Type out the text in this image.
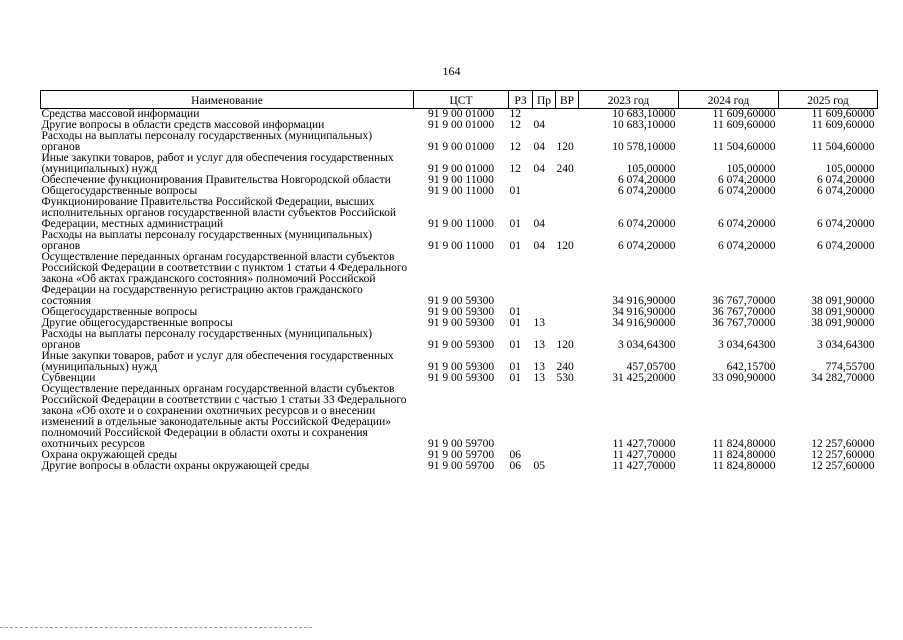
164
Наименование	ЦСТ	РЗ	Пр	ВР	2023 год	2024 год	2025 год
Средства массовой информации	91 9 00 01000	12			10 683,10000	11 609,60000	11 609,60000
Другие вопросы в области средств массовой информации	91 9 00 01000	12	04		10 683,10000	11 609,60000	11 609,60000
Расходы на выплаты персоналу государственных (муниципальных) органов	91 9 00 01000	12	04	120	10 578,10000	11 504,60000	11 504,60000
Иные закупки товаров, работ и услуг для обеспечения государственных (муниципальных) нужд	91 9 00 01000	12	04	240	105,00000	105,00000	105,00000
Обеспечение функционирования Правительства Новгородской области	91 9 00 11000				6 074,20000	6 074,20000	6 074,20000
Общегосударственные вопросы	91 9 00 11000	01			6 074,20000	6 074,20000	6 074,20000
Функционирование Правительства Российской Федерации, высших исполнительных органов государственной власти субъектов Российской Федерации, местных администраций	91 9 00 11000	01	04		6 074,20000	6 074,20000	6 074,20000
Расходы на выплаты персоналу государственных (муниципальных) органов	91 9 00 11000	01	04	120	6 074,20000	6 074,20000	6 074,20000
Осуществление переданных органам государственной власти субъектов Российской Федерации в соответствии с пунктом 1 статьи 4 Федерального закона «Об актах гражданского состояния» полномочий Российской Федерации на государственную регистрацию актов гражданского состояния	91 9 00 59300				34 916,90000	36 767,70000	38 091,90000
Общегосударственные вопросы	91 9 00 59300	01			34 916,90000	36 767,70000	38 091,90000
Другие общегосударственные вопросы	91 9 00 59300	01	13		34 916,90000	36 767,70000	38 091,90000
Расходы на выплаты персоналу государственных (муниципальных) органов	91 9 00 59300	01	13	120	3 034,64300	3 034,64300	3 034,64300
Иные закупки товаров, работ и услуг для обеспечения государственных (муниципальных) нужд	91 9 00 59300	01	13	240	457,05700	642,15700	774,55700
Субвенции	91 9 00 59300	01	13	530	31 425,20000	33 090,90000	34 282,70000
Осуществление переданных органам государственной власти субъектов Российской Федерации в соответствии с частью 1 статьи 33 Федерального закона «Об охоте и о сохранении охотничьих ресурсов и о внесении изменений в отдельные законодательные акты Российской Федерации» полномочий Российской Федерации в области охоты и сохранения охотничьих ресурсов	91 9 00 59700				11 427,70000	11 824,80000	12 257,60000
Охрана окружающей среды	91 9 00 59700	06			11 427,70000	11 824,80000	12 257,60000
Другие вопросы в области охраны окружающей среды	91 9 00 59700	06	05		11 427,70000	11 824,80000	12 257,60000
